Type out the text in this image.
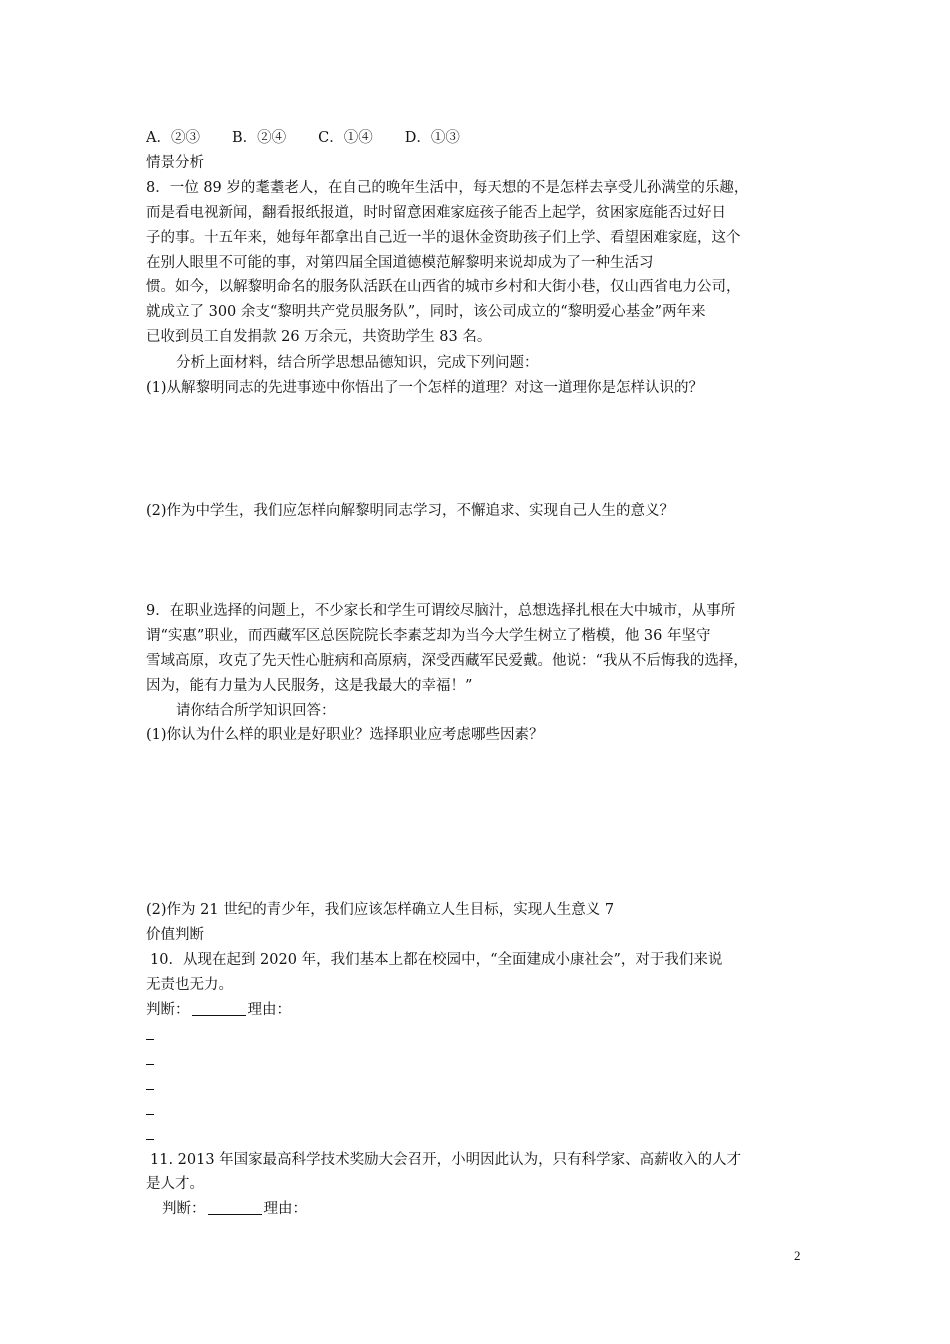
A．②③ B．②④ C．①④ D．①③
情景分析
8．一位 89 岁的耄耋老人，在自己的晚年生活中，每天想的不是怎样去享受儿孙满堂的乐趣，
而是看电视新闻，翻看报纸报道，时时留意困难家庭孩子能否上起学，贫困家庭能否过好日
子的事。十五年来，她每年都拿出自己近一半的退休金资助孩子们上学、看望困难家庭，这个
在别人眼里不可能的事，对第四届全国道德模范解黎明来说却成为了一种生活习
惯。如今，以解黎明命名的服务队活跃在山西省的城市乡村和大街小巷，仅山西省电力公司，
就成立了 300 余支“黎明共产党员服务队”，同时，该公司成立的“黎明爱心基金”两年来
已收到员工自发捐款 26 万余元，共资助学生 83 名。
分析上面材料，结合所学思想品德知识，完成下列问题：
(1)从解黎明同志的先进事迹中你悟出了一个怎样的道理？对这一道理你是怎样认识的？
(2)作为中学生，我们应怎样向解黎明同志学习，不懈追求、实现自己人生的意义？
9．在职业选择的问题上，不少家长和学生可谓绞尽脑汁，总想选择扎根在大中城市，从事所
谓“实惠”职业，而西藏军区总医院院长李素芝却为当今大学生树立了楷模，他 36 年坚守
雪域高原，攻克了先天性心脏病和高原病，深受西藏军民爱戴。他说：“我从不后悔我的选择，
因为，能有力量为人民服务，这是我最大的幸福！”
请你结合所学知识回答：
(1)你认为什么样的职业是好职业？选择职业应考虑哪些因素？
(2)作为 21 世纪的青少年，我们应该怎样确立人生目标，实现人生意义 7
价值判断
10．从现在起到 2020 年，我们基本上都在校园中，“全面建成小康社会”，对于我们来说
无责也无力。
判断：	理由：
11. 2013 年国家最高科学技术奖励大会召开，小明因此认为，只有科学家、高薪收入的人才
是人才。
判断：	理由：
2
